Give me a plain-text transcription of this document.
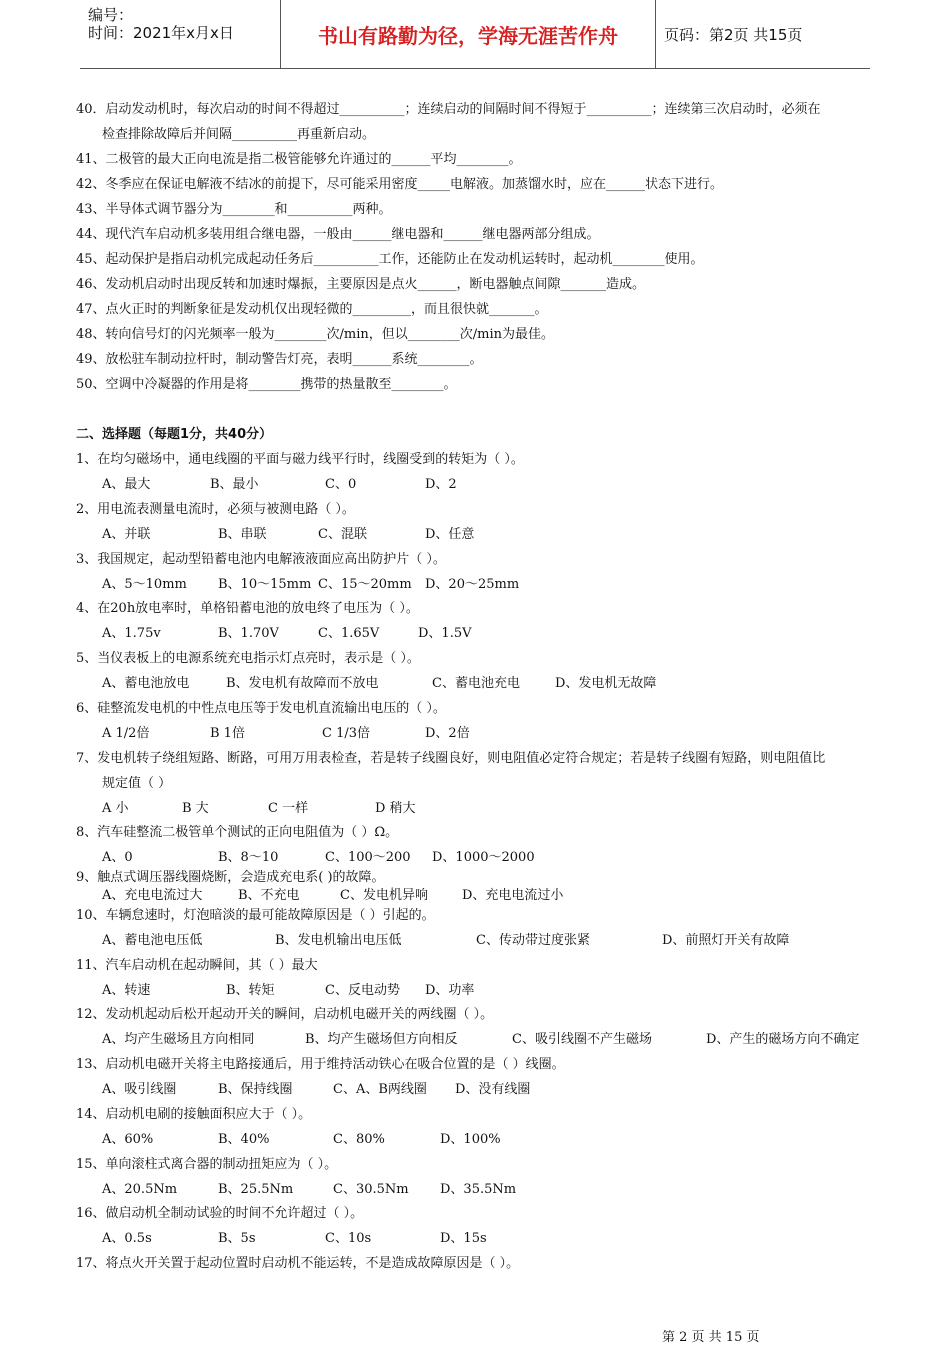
编号：
时间：2021年x月x日	书山有路勤为径，学海无涯苦作舟	页码：第2页 共15页
40．启动发动机时，每次启动的时间不得超过__________；连续启动的间隔时间不得短于__________；连续第三次启动时，必须在
检查排除故障后并间隔__________再重新启动。
41、二极管的最大正向电流是指二极管能够允许通过的______平均________。
42、冬季应在保证电解液不结冰的前提下，尽可能采用密度_____电解液。加蒸馏水时，应在______状态下进行。
43、半导体式调节器分为________和__________两种。
44、现代汽车启动机多装用组合继电器，一般由______继电器和______继电器两部分组成。
45、起动保护是指启动机完成起动任务后__________工作，还能防止在发动机运转时，起动机________使用。
46、发动机启动时出现反转和加速时爆振，主要原因是点火______，断电器触点间隙_______造成。
47、点火正时的判断象征是发动机仅出现轻微的_________，而且很快就_______。
48、转向信号灯的闪光频率一般为________次/min，但以________次/min为最佳。
49、放松驻车制动拉杆时，制动警告灯亮，表明______系统________。
50、空调中冷凝器的作用是将________携带的热量散至________。
二、选择题（每题1分，共40分）
1、在均匀磁场中，通电线圈的平面与磁力线平行时，线圈受到的转矩为（ ）。
A、最大	B、最小	C、0	D、2
2、用电流表测量电流时，必须与被测电路（ ）。
A、并联	B、串联	C、混联	D、任意
3、我国规定，起动型铅蓄电池内电解液液面应高出防护片（ ）。
A、5～10mm B、10～15mm C、15～20mm D、20～25mm
4、在20h放电率时，单格铅蓄电池的放电终了电压为（ ）。
A、1.75v	B、1.70V	C、1.65V	D、1.5V
5、当仪表板上的电源系统充电指示灯点亮时，表示是（ ）。
A、蓄电池放电	B、发电机有故障而不放电	C、蓄电池充电	D、发电机无故障
6、硅整流发电机的中性点电压等于发电机直流输出电压的（ ）。
A 1/2倍	B 1倍	C 1/3倍	D、2倍
7、发电机转子绕组短路、断路，可用万用表检查，若是转子线圈良好，则电阻值必定符合规定；若是转子线圈有短路，则电阻值比
规定值（ ）
A 小	B 大	C 一样	D 稍大
8、汽车硅整流二极管单个测试的正向电阻值为（ ）Ω。
A、0	B、8～10	C、100～200 D、1000～2000
9、触点式调压器线圈烧断，会造成充电系( )的故障。
A、充电电流过大	B、不充电	C、发电机异响	D、充电电流过小
10、车辆怠速时，灯泡暗淡的最可能故障原因是（ ）引起的。
A、蓄电池电压低	B、发电机输出电压低	C、传动带过度张紧	D、前照灯开关有故障
11、汽车启动机在起动瞬间，其（ ）最大
A、转速	B、转矩	C、反电动势 D、功率
12、发动机起动后松开起动开关的瞬间，启动机电磁开关的两线圈（ ）。
A、均产生磁场且方向相同	B、均产生磁场但方向相反	C、吸引线圈不产生磁场	D、产生的磁场方向不确定
13、启动机电磁开关将主电路接通后，用于维持活动铁心在吸合位置的是（ ）线圈。
A、吸引线圈	B、保持线圈	C、A、B两线圈 D、没有线圈
14、启动机电刷的接触面积应大于（ ）。
A、60%	B、40%	C、80%	D、100%
15、单向滚柱式离合器的制动扭矩应为（ ）。
A、20.5Nm	B、25.5Nm	C、30.5Nm D、35.5Nm
16、做启动机全制动试验的时间不允许超过（ ）。
A、0.5s	B、5s	C、10s	D、15s
17、将点火开关置于起动位置时启动机不能运转，不是造成故障原因是（ ）。
第 2 页 共 15 页
